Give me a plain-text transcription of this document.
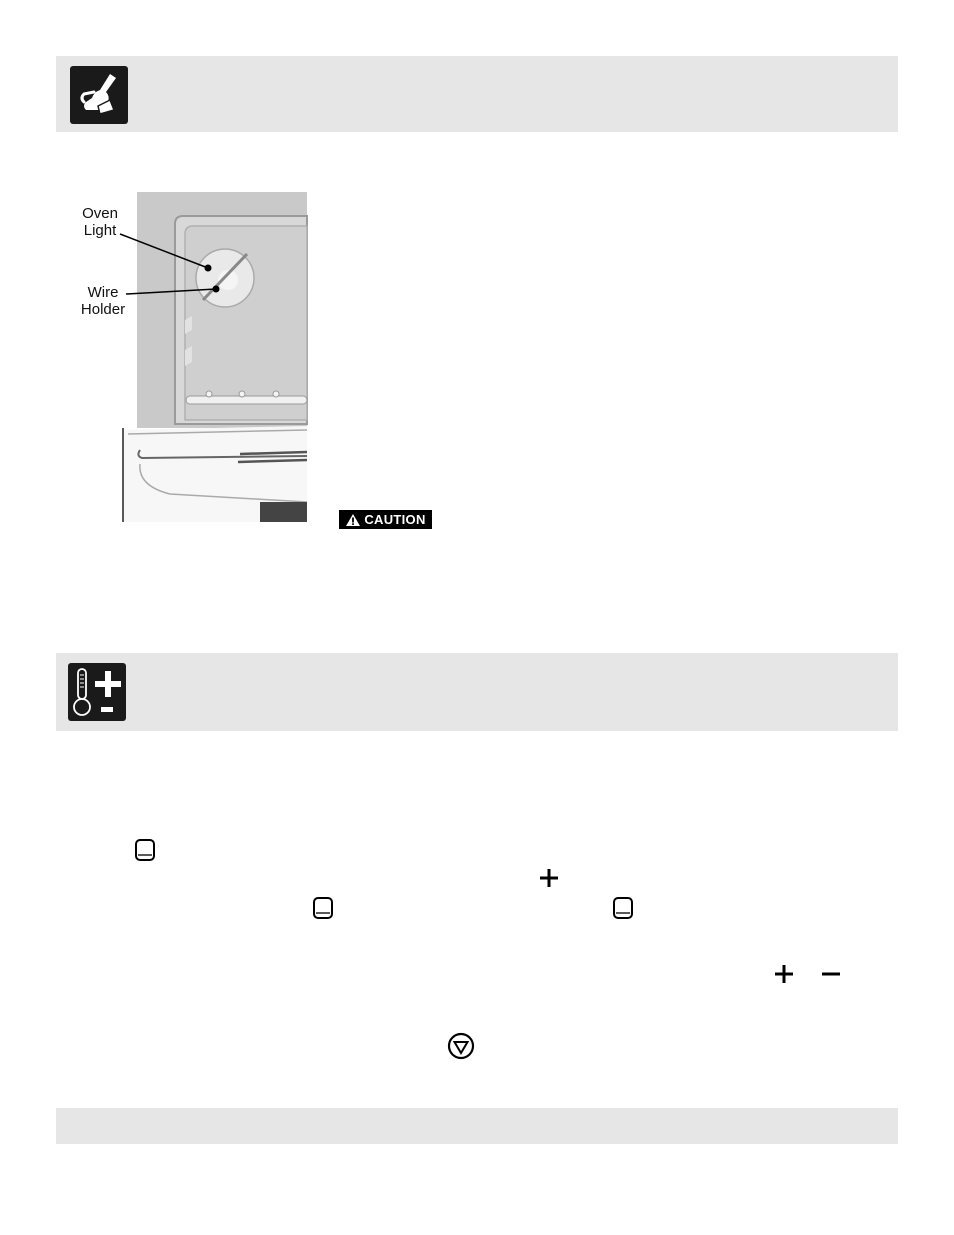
Oven
Light
Wire
Holder
CAUTION
